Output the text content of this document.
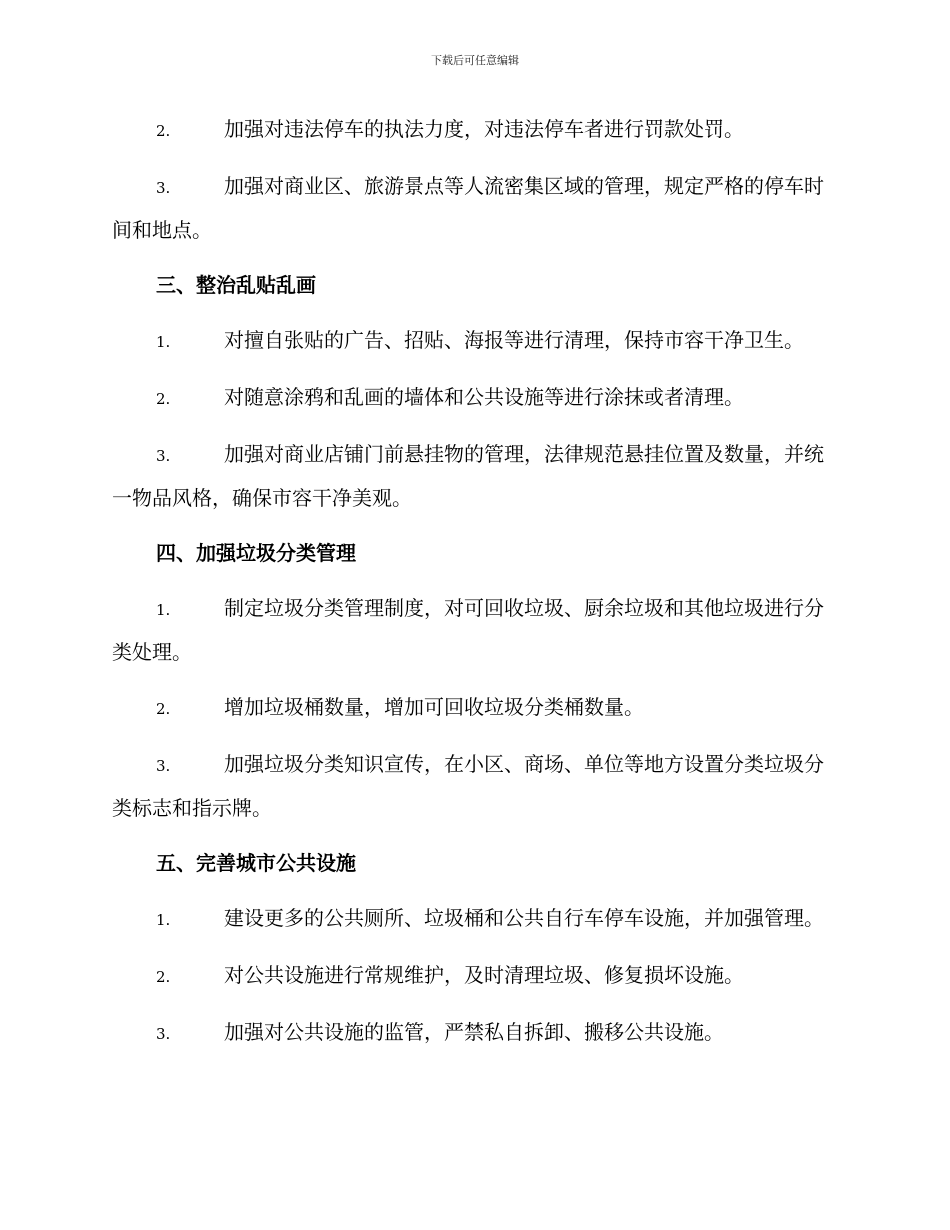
下载后可任意编辑

2.	加强对违法停车的执法力度，对违法停车者进行罚款处罚。

3.	加强对商业区、旅游景点等人流密集区域的管理，规定严格的停车时间和地点。

三、整治乱贴乱画

1.	对擅自张贴的广告、招贴、海报等进行清理，保持市容干净卫生。

2.	对随意涂鸦和乱画的墙体和公共设施等进行涂抹或者清理。

3.	加强对商业店铺门前悬挂物的管理，法律规范悬挂位置及数量，并统一物品风格，确保市容干净美观。

四、加强垃圾分类管理

1.	制定垃圾分类管理制度，对可回收垃圾、厨余垃圾和其他垃圾进行分类处理。

2.	增加垃圾桶数量，增加可回收垃圾分类桶数量。

3.	加强垃圾分类知识宣传，在小区、商场、单位等地方设置分类垃圾分类标志和指示牌。

五、完善城市公共设施

1.	建设更多的公共厕所、垃圾桶和公共自行车停车设施，并加强管理。

2.	对公共设施进行常规维护，及时清理垃圾、修复损坏设施。

3.	加强对公共设施的监管，严禁私自拆卸、搬移公共设施。
